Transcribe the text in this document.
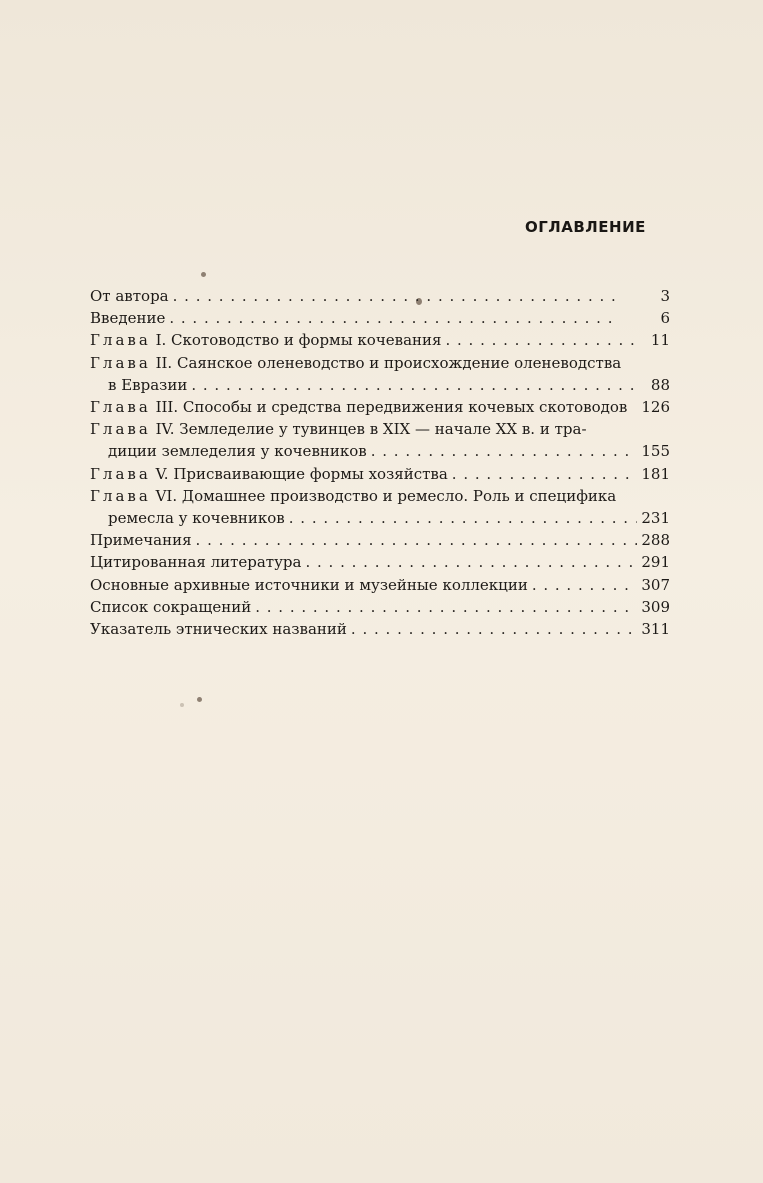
ОГЛАВЛЕНИЕ
От автора . .	3
Введение . .	6
Глава I. Скотоводство и формы кочевания . .	11
Глава II. Саянское оленеводство и происхождение оленеводства
в Евразии . .	88
Глава III. Способы и средства передвижения кочевых скотоводов 126
Глава IV. Земледелие у тувинцев в XIX — начале XX в. и тра-
диции земледелия у кочевников . .	155
Глава V. Присваивающие формы хозяйства . .	181
Глава VI. Домашнее производство и ремесло. Роль и специфика
ремесла у кочевников . .	231
Примечания . .	288
Цитированная литература . .	291
Основные архивные источники и музейные коллекции . .	307
Список сокращений . .	309
Указатель этнических названий . .	311
